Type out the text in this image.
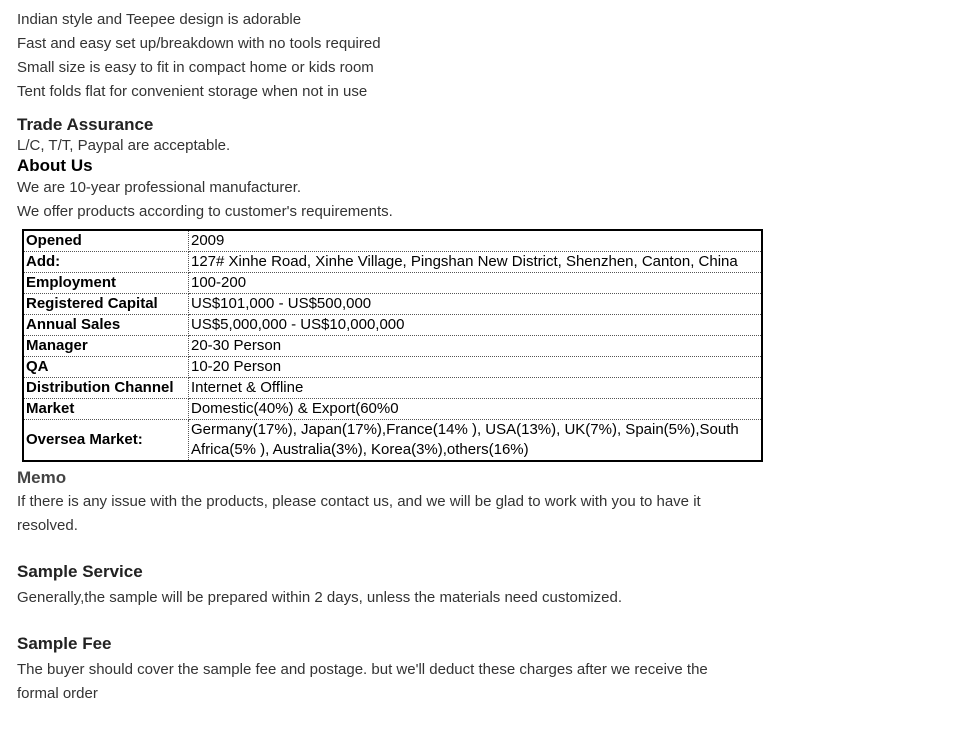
Indian style and Teepee design is adorable
Fast and easy set up/breakdown with no tools required
Small size is easy to fit in compact home or kids room
Tent folds flat for convenient storage when not in use
Trade Assurance
L/C, T/T, Paypal are acceptable.
About Us
We are 10-year professional manufacturer.
We offer products according to customer's requirements.
Opened	2009
Add:	127# Xinhe Road, Xinhe Village, Pingshan New District, Shenzhen, Canton, China
Employment	100-200
Registered Capital	US$101,000 - US$500,000
Annual Sales	US$5,000,000 - US$10,000,000
Manager	20-30 Person
QA	10-20 Person
Distribution Channel	Internet & Offline
Market	Domestic(40%) & Export(60%0
Oversea Market:	Germany(17%), Japan(17%),France(14% ), USA(13%), UK(7%), Spain(5%),South Africa(5% ), Australia(3%), Korea(3%),others(16%)
Memo
If there is any issue with the products, please contact us, and we will be glad to work with you to have it
resolved.
Sample Service
Generally,the sample will be prepared within 2 days, unless the materials need customized.
Sample Fee
The buyer should cover the sample fee and postage. but we'll deduct these charges after we receive the
formal order
